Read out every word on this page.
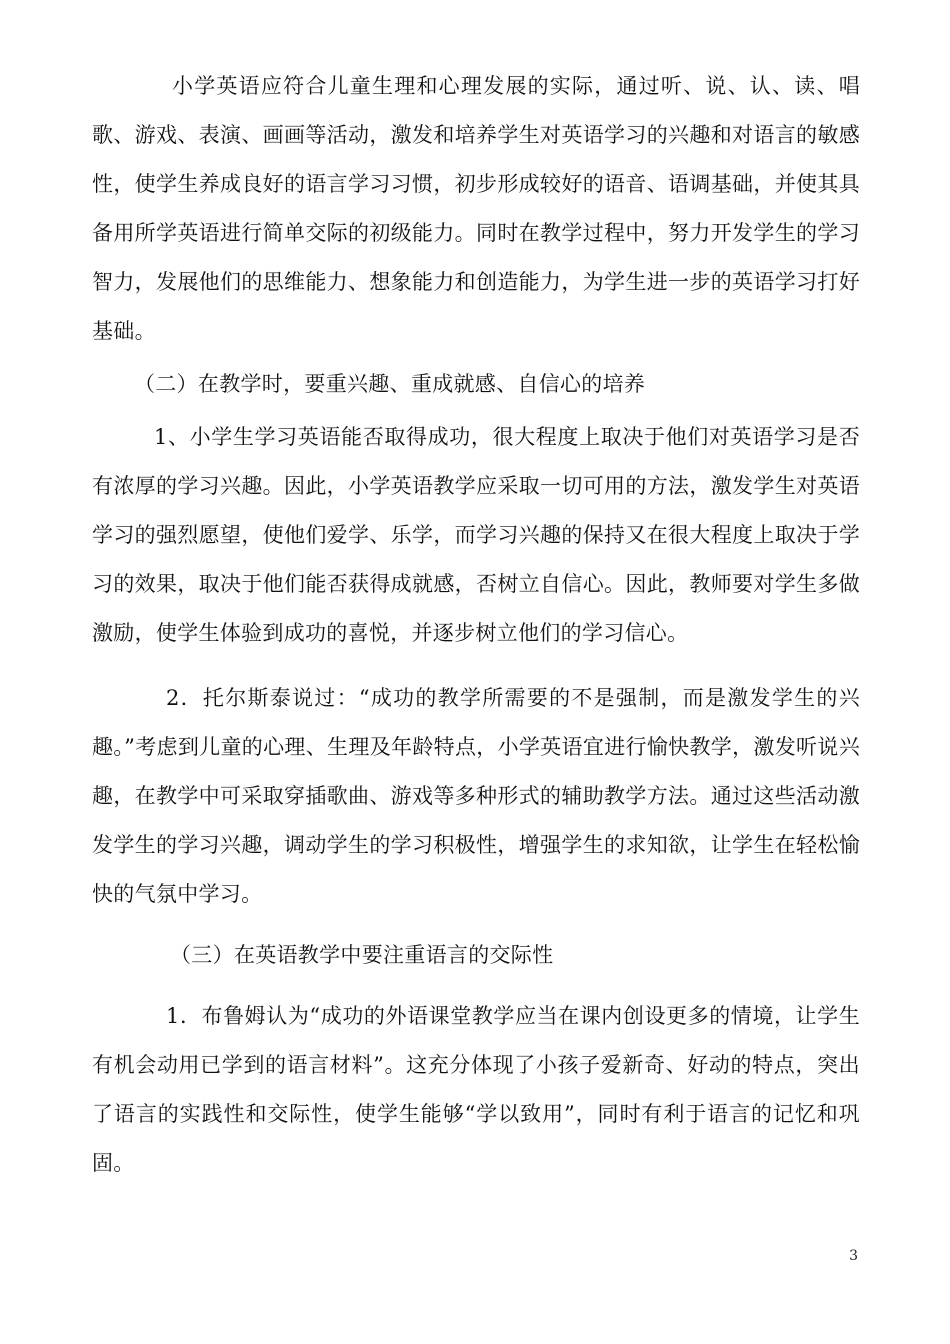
小学英语应符合儿童生理和心理发展的实际，通过听、说、认、读、唱歌、游戏、表演、画画等活动，激发和培养学生对英语学习的兴趣和对语言的敏感性，使学生养成良好的语言学习习惯，初步形成较好的语音、语调基础，并使其具备用所学英语进行简单交际的初级能力。同时在教学过程中，努力开发学生的学习智力，发展他们的思维能力、想象能力和创造能力，为学生进一步的英语学习打好基础。

（二）在教学时，要重兴趣、重成就感、自信心的培养

1、小学生学习英语能否取得成功，很大程度上取决于他们对英语学习是否有浓厚的学习兴趣。因此，小学英语教学应采取一切可用的方法，激发学生对英语学习的强烈愿望，使他们爱学、乐学，而学习兴趣的保持又在很大程度上取决于学习的效果，取决于他们能否获得成就感，否树立自信心。因此，教师要对学生多做激励，使学生体验到成功的喜悦，并逐步树立他们的学习信心。

2．托尔斯泰说过：“成功的教学所需要的不是强制，而是激发学生的兴趣。”考虑到儿童的心理、生理及年龄特点，小学英语宜进行愉快教学，激发听说兴趣，在教学中可采取穿插歌曲、游戏等多种形式的辅助教学方法。通过这些活动激发学生的学习兴趣，调动学生的学习积极性，增强学生的求知欲，让学生在轻松愉快的气氛中学习。

（三）在英语教学中要注重语言的交际性

1．布鲁姆认为“成功的外语课堂教学应当在课内创设更多的情境，让学生有机会动用已学到的语言材料”。这充分体现了小孩子爱新奇、好动的特点，突出了语言的实践性和交际性，使学生能够“学以致用”，同时有利于语言的记忆和巩固。

3
